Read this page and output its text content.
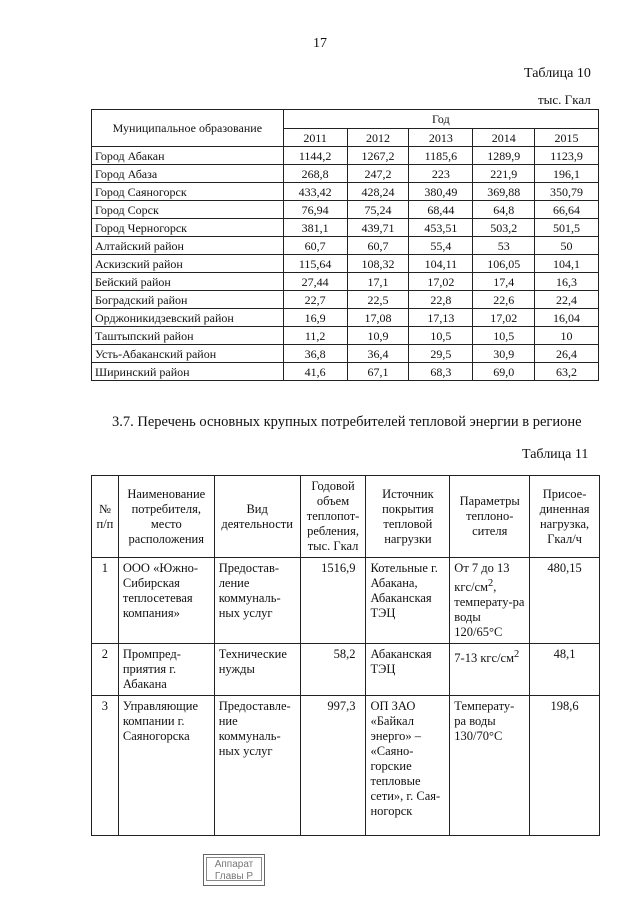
17
Таблица 10
тыс. Гкал
Муниципальное образование	Год				
	2011	2012	2013	2014	2015
Город Абакан	1144,2	1267,2	1185,6	1289,9	1123,9
Город Абаза	268,8	247,2	223	221,9	196,1
Город Саяногорск	433,42	428,24	380,49	369,88	350,79
Город Сорск	76,94	75,24	68,44	64,8	66,64
Город Черногорск	381,1	439,71	453,51	503,2	501,5
Алтайский район	60,7	60,7	55,4	53	50
Аскизский район	115,64	108,32	104,11	106,05	104,1
Бейский район	27,44	17,1	17,02	17,4	16,3
Боградский район	22,7	22,5	22,8	22,6	22,4
Орджоникидзевский район	16,9	17,08	17,13	17,02	16,04
Таштыпский район	11,2	10,9	10,5	10,5	10
Усть-Абаканский район	36,8	36,4	29,5	30,9	26,4
Ширинский район	41,6	67,1	68,3	69,0	63,2
3.7. Перечень основных крупных потребителей тепловой энергии в регионе
Таблица 11
№ п/п	Наименование потребителя, место расположения	Вид деятельности	Годовой объем теплопот-ребления, тыс. Гкал	Источник покрытия тепловой нагрузки	Параметры теплоно-сителя	Присое-диненная нагрузка, Гкал/ч
1	ООО «Южно-Сибирская теплосетевая компания»	Предостав-ление коммуналь-ных услуг	1516,9	Котельные г. Абакана, Абаканская ТЭЦ	От 7 до 13 кгс/$см^2$, температу-ра воды 120/65°С	480,15
2	Промпред-приятия г. Абакана	Технические нужды	58,2	Абаканская ТЭЦ	7-13 кгс/$см^2$	48,1
3	Управляющие компании г. Саяногорска	Предоставле-ние коммуналь-ных услуг	997,3	ОП ЗАО «Байкал энерго» – «Саяно-горские тепловые сети», г. Сая-ногорск	Температу-ра воды 130/70°С	198,6
Аппарат
Главы Р
